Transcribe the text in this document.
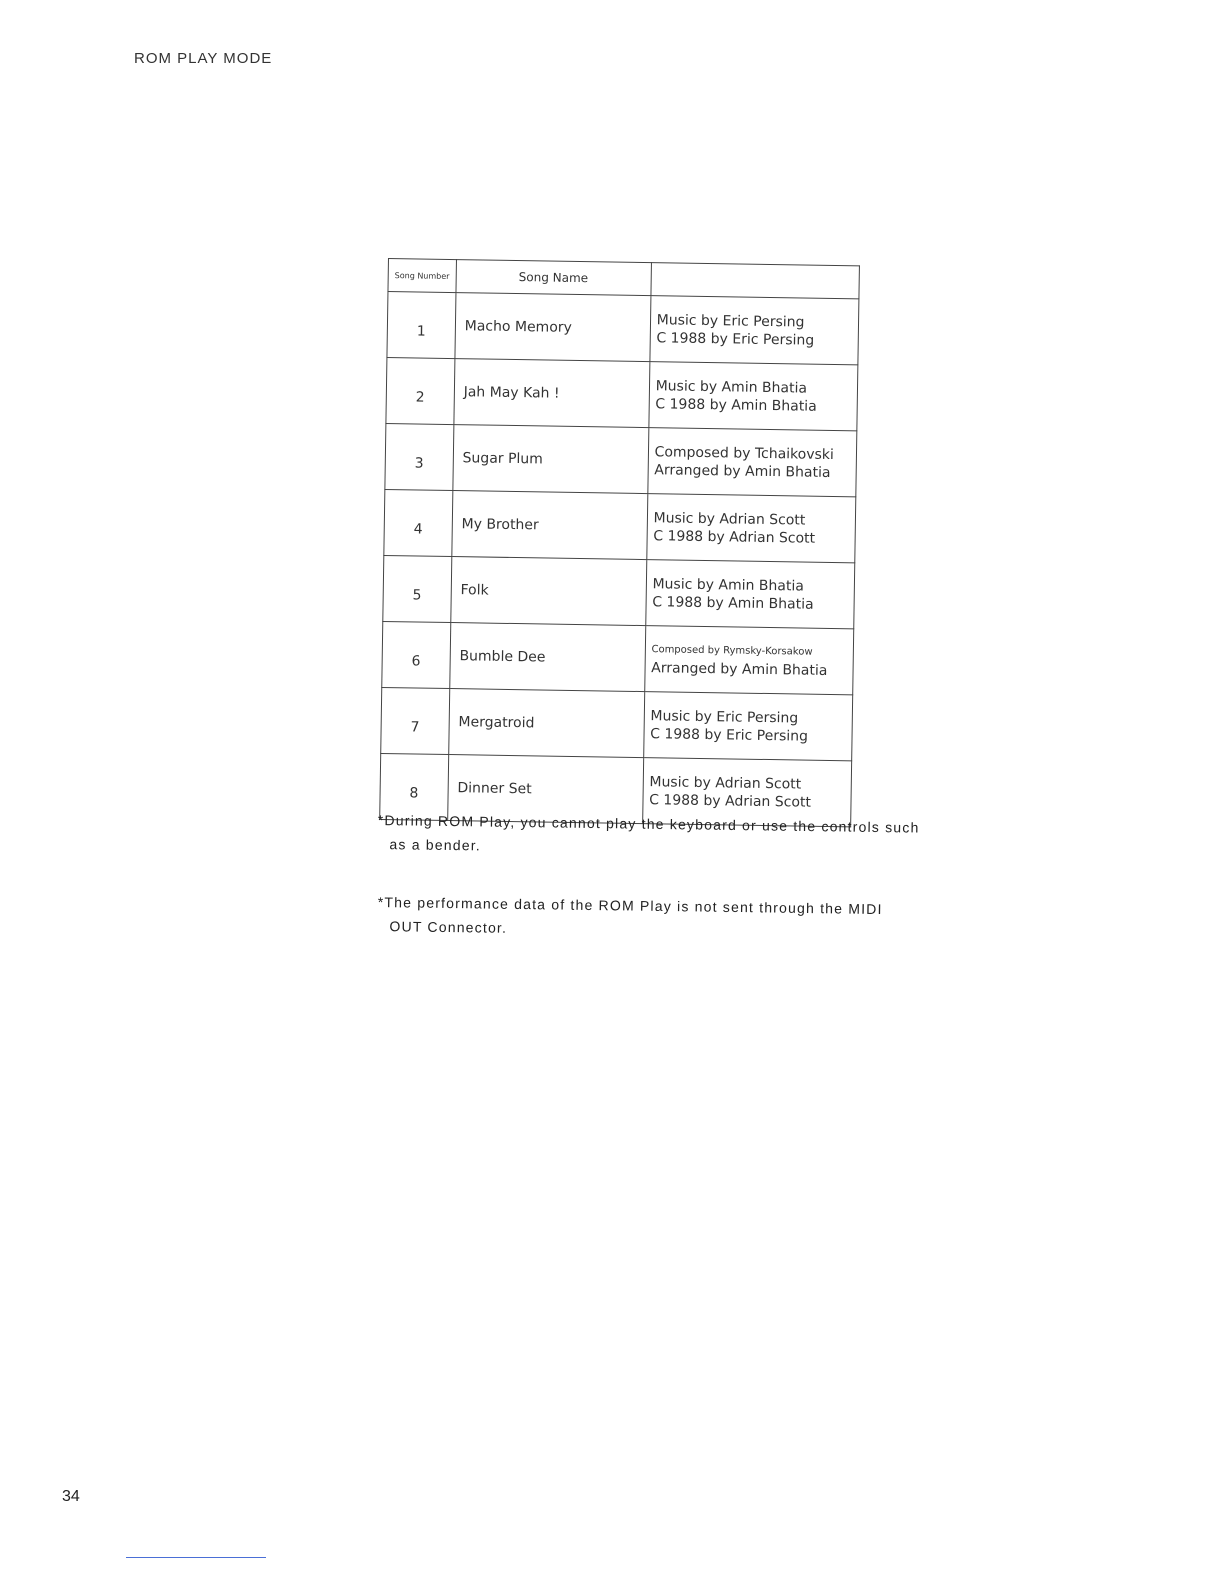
ROM PLAY MODE
Song Number	Song Name	
1	Macho Memory	Music by Eric Persing
C 1988 by Eric Persing

2	Jah May Kah !	Music by Amin Bhatia
C 1988 by Amin Bhatia

3	Sugar Plum	Composed by Tchaikovski
Arranged by Amin Bhatia

4	My Brother	Music by Adrian Scott
C 1988 by Adrian Scott

5	Folk	Music by Amin Bhatia
C 1988 by Amin Bhatia

6	Bumble Dee	Composed by Rymsky-Korsakow
Arranged by Amin Bhatia

7	Mergatroid	Music by Eric Persing
C 1988 by Eric Persing

8	Dinner Set	Music by Adrian Scott
C 1988 by Adrian Scott

*During ROM Play, you cannot play the keyboard or use the controls such
as a bender.

*The performance data of the ROM Play is not sent through the MIDI
OUT Connector.

34
